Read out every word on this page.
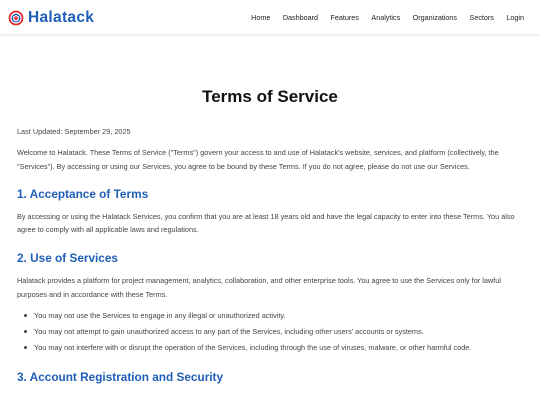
Halatack	Home Dashboard Features Analytics Organizations Sectors Login
Terms of Service

Last Updated: September 29, 2025

Welcome to Halatack. These Terms of Service ("Terms") govern your access to and use of Halatack's website, services, and platform (collectively, the "Services"). By accessing or using our Services, you agree to be bound by these Terms. If you do not agree, please do not use our Services.

1. Acceptance of Terms

By accessing or using the Halatack Services, you confirm that you are at least 18 years old and have the legal capacity to enter into these Terms. You also agree to comply with all applicable laws and regulations.

2. Use of Services

Halatack provides a platform for project management, analytics, collaboration, and other enterprise tools. You agree to use the Services only for lawful purposes and in accordance with these Terms.

You may not use the Services to engage in any illegal or unauthorized activity.
You may not attempt to gain unauthorized access to any part of the Services, including other users' accounts or systems.
You may not interfere with or disrupt the operation of the Services, including through the use of viruses, malware, or other harmful code.
3. Account Registration and Security
